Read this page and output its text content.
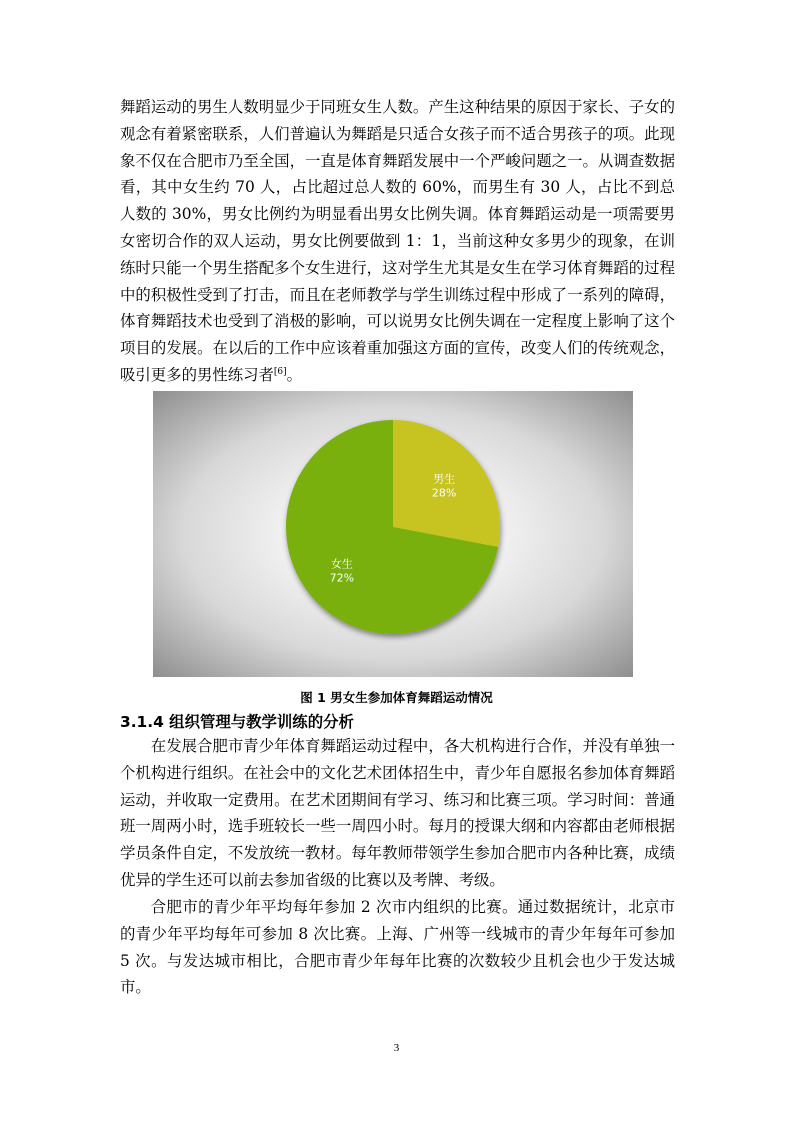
舞蹈运动的男生人数明显少于同班女生人数。产生这种结果的原因于家长、子女的观念有着紧密联系，人们普遍认为舞蹈是只适合女孩子而不适合男孩子的项。此现象不仅在合肥市乃至全国，一直是体育舞蹈发展中一个严峻问题之一。从调查数据看，其中女生约 70 人，占比超过总人数的 60%，而男生有 30 人，占比不到总人数的 30%，男女比例约为明显看出男女比例失调。体育舞蹈运动是一项需要男女密切合作的双人运动，男女比例要做到 1：1，当前这种女多男少的现象，在训练时只能一个男生搭配多个女生进行，这对学生尤其是女生在学习体育舞蹈的过程中的积极性受到了打击，而且在老师教学与学生训练过程中形成了一系列的障碍，体育舞蹈技术也受到了消极的影响，可以说男女比例失调在一定程度上影响了这个项目的发展。在以后的工作中应该着重加强这方面的宣传，改变人们的传统观念，吸引更多的男性练习者[6]。

男生
28%
女生
72%
图 1 男女生参加体育舞蹈运动情况
3.1.4 组织管理与教学训练的分析

在发展合肥市青少年体育舞蹈运动过程中，各大机构进行合作，并没有单独一个机构进行组织。在社会中的文化艺术团体招生中，青少年自愿报名参加体育舞蹈运动，并收取一定费用。在艺术团期间有学习、练习和比赛三项。学习时间：普通班一周两小时，选手班较长一些一周四小时。每月的授课大纲和内容都由老师根据学员条件自定，不发放统一教材。每年教师带领学生参加合肥市内各种比赛，成绩优异的学生还可以前去参加省级的比赛以及考牌、考级。

合肥市的青少年平均每年参加 2 次市内组织的比赛。通过数据统计，北京市的青少年平均每年可参加 8 次比赛。上海、广州等一线城市的青少年每年可参加 5 次。与发达城市相比，合肥市青少年每年比赛的次数较少且机会也少于发达城市。

3
